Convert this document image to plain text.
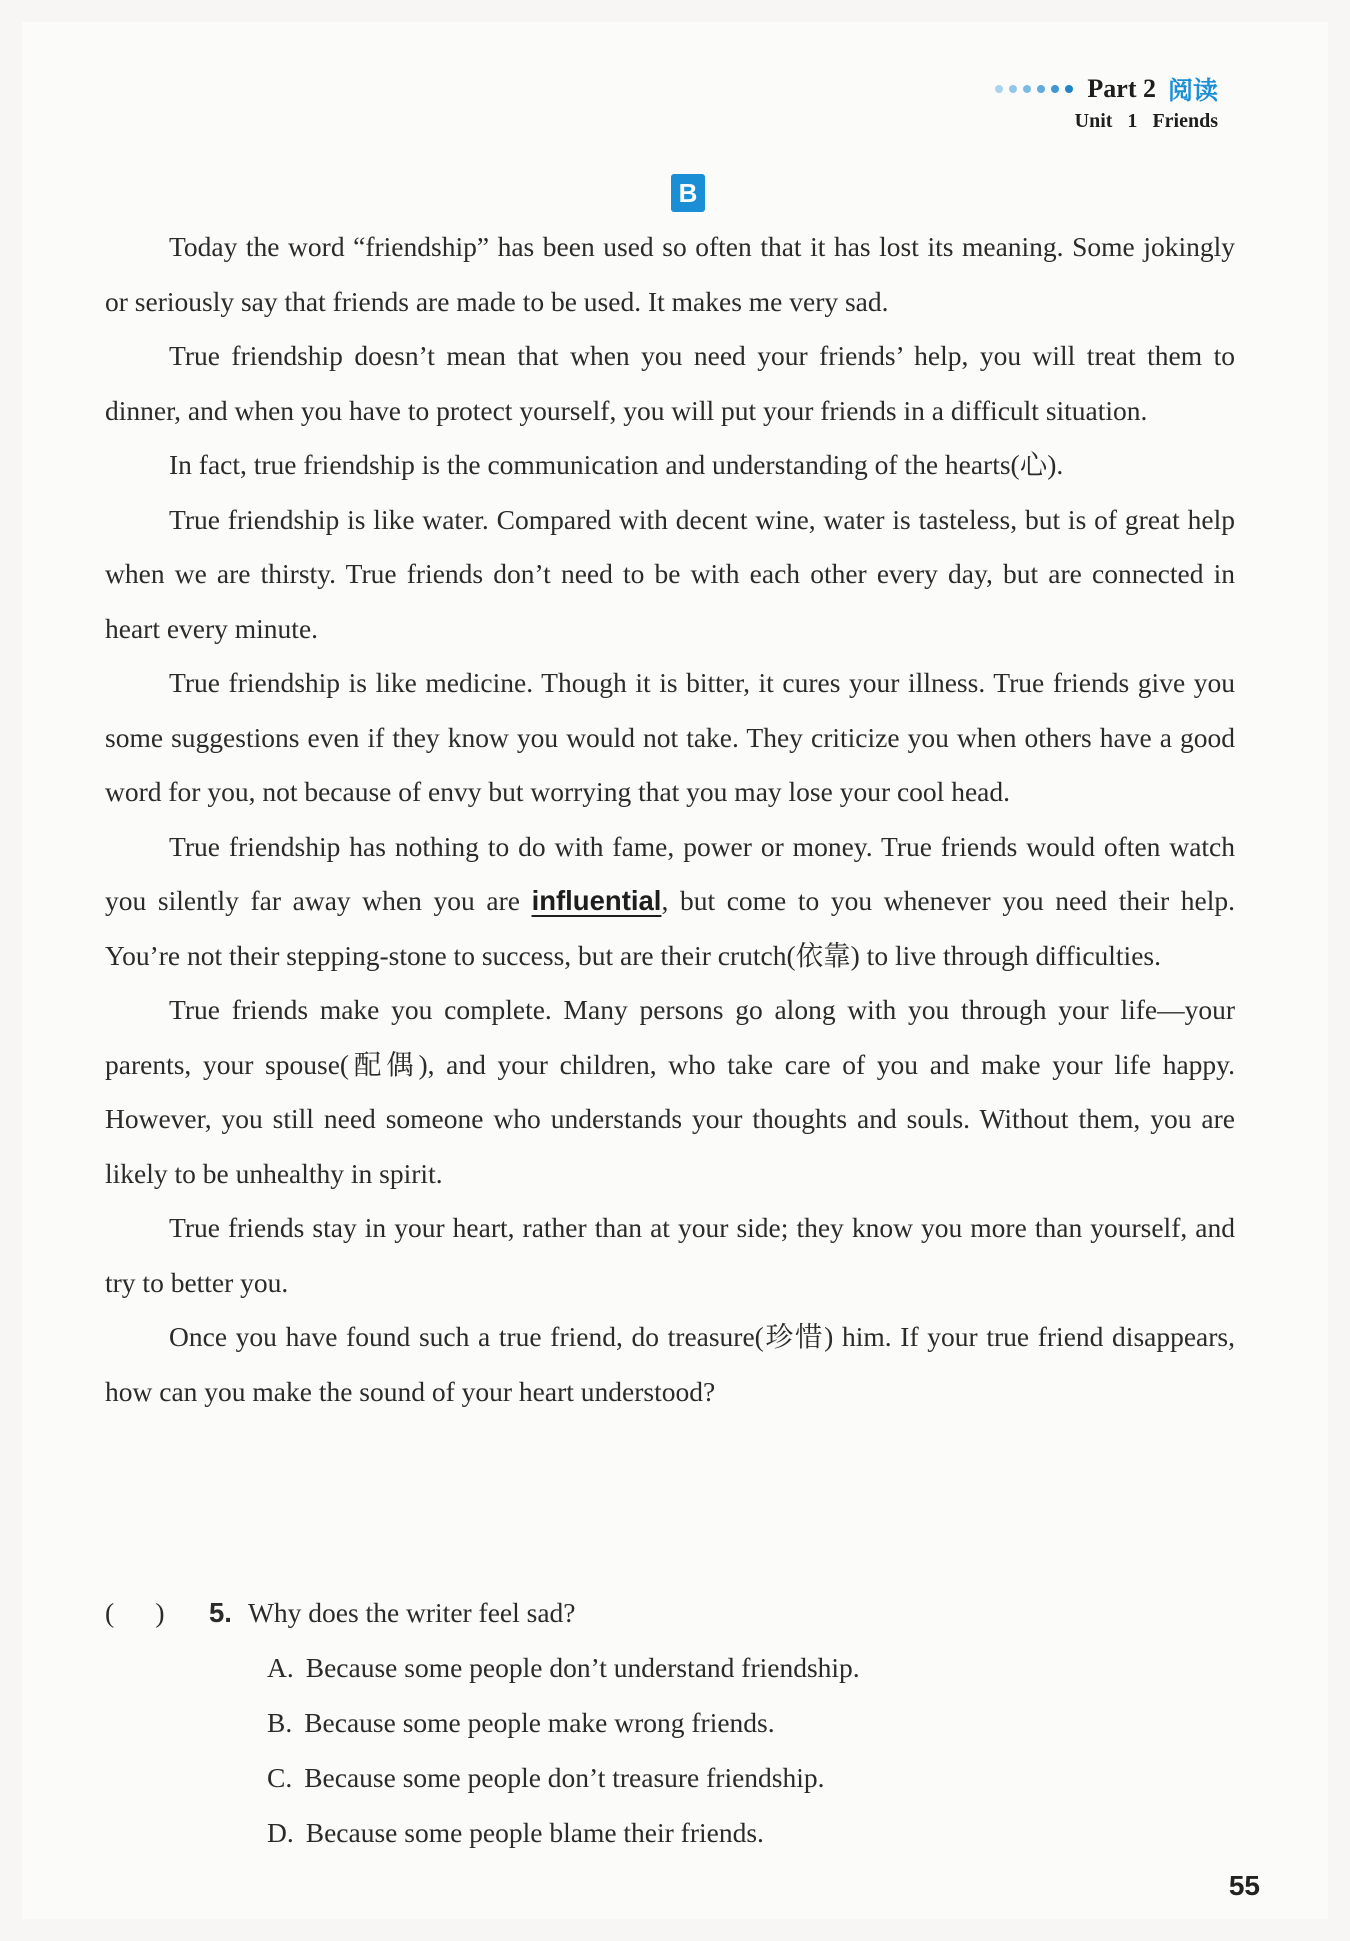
Part 2 阅读
Unit 1 Friends
B

Today the word “friendship” has been used so often that it has lost its meaning. Some jokingly or seriously say that friends are made to be used. It makes me very sad.

True friendship doesn’t mean that when you need your friends’ help, you will treat them to dinner, and when you have to protect yourself, you will put your friends in a difficult situation.

In fact, true friendship is the communication and understanding of the hearts(心).

True friendship is like water. Compared with decent wine, water is tasteless, but is of great help when we are thirsty. True friends don’t need to be with each other every day, but are connected in heart every minute.

True friendship is like medicine. Though it is bitter, it cures your illness. True friends give you some suggestions even if they know you would not take. They criticize you when others have a good word for you, not because of envy but worrying that you may lose your cool head.

True friendship has nothing to do with fame, power or money. True friends would often watch you silently far away when you are influential, but come to you whenever you need their help. You’re not their stepping-stone to success, but are their crutch(依靠) to live through difficulties.

True friends make you complete. Many persons go along with you through your life—your parents, your spouse(配偶), and your children, who take care of you and make your life happy. However, you still need someone who understands your thoughts and souls. Without them, you are likely to be unhealthy in spirit.

True friends stay in your heart, rather than at your side; they know you more than yourself, and try to better you.

Once you have found such a true friend, do treasure(珍惜) him. If your true friend disappears, how can you make the sound of your heart understood?

(      )	5. Why does the writer feel sad?
A. Because some people don’t understand friendship.
B. Because some people make wrong friends.
C. Because some people don’t treasure friendship.
D. Because some people blame their friends.
55
